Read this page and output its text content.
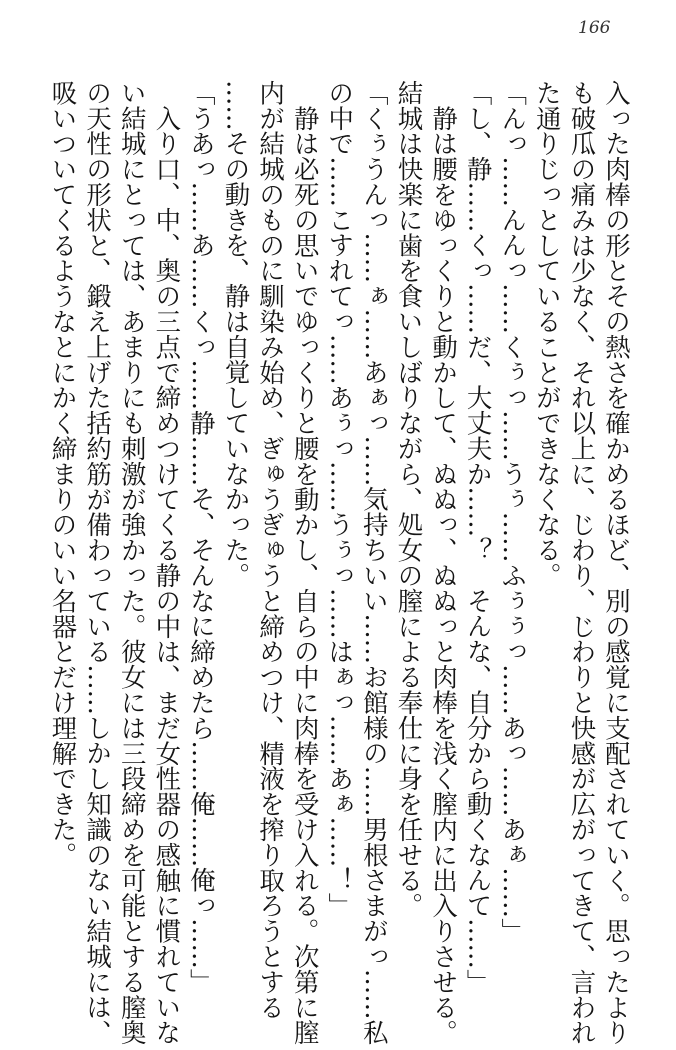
166
入った肉棒の形とその熱さを確かめるほど、別の感覚に支配されていく。思ったより
も破瓜の痛みは少なく、それ以上に、じわり、じわりと快感が広がってきて、言われ
た通りじっとしていることができなくなる。
「んっ……んんっ……くぅっ……うぅ……ふぅぅっ……あっ……あぁ……」
「し、静……くっ……だ、大丈夫か……？　そんな、自分から動くなんて……」
　静は腰をゆっくりと動かして、ぬぬっ、ぬぬっと肉棒を浅く膣内に出入りさせる。
結城は快楽に歯を食いしばりながら、処女の膣による奉仕に身を任せる。
「くぅうんっ……ぁ……あぁっ……気持ちいい……お館様の……男根さまがっ……私
の中で……こすれてっ……あぅっ……うぅっ……はぁっ……あぁ……！」
　静は必死の思いでゆっくりと腰を動かし、自らの中に肉棒を受け入れる。次第に膣
内が結城のものに馴染み始め、ぎゅうぎゅうと締めつけ、精液を搾り取ろうとする
……その動きを、静は自覚していなかった。
「うあっ……あ……くっ……静……そ、そんなに締めたら……俺……俺っ……」
　入り口、中、奥の三点で締めつけてくる静の中は、まだ女性器の感触に慣れていな
い結城にとっては、あまりにも刺激が強かった。彼女には三段締めを可能とする膣奥
の天性の形状と、鍛え上げた括約筋が備わっている……しかし知識のない結城には、
吸いついてくるようなとにかく締まりのいい名器とだけ理解できた。
